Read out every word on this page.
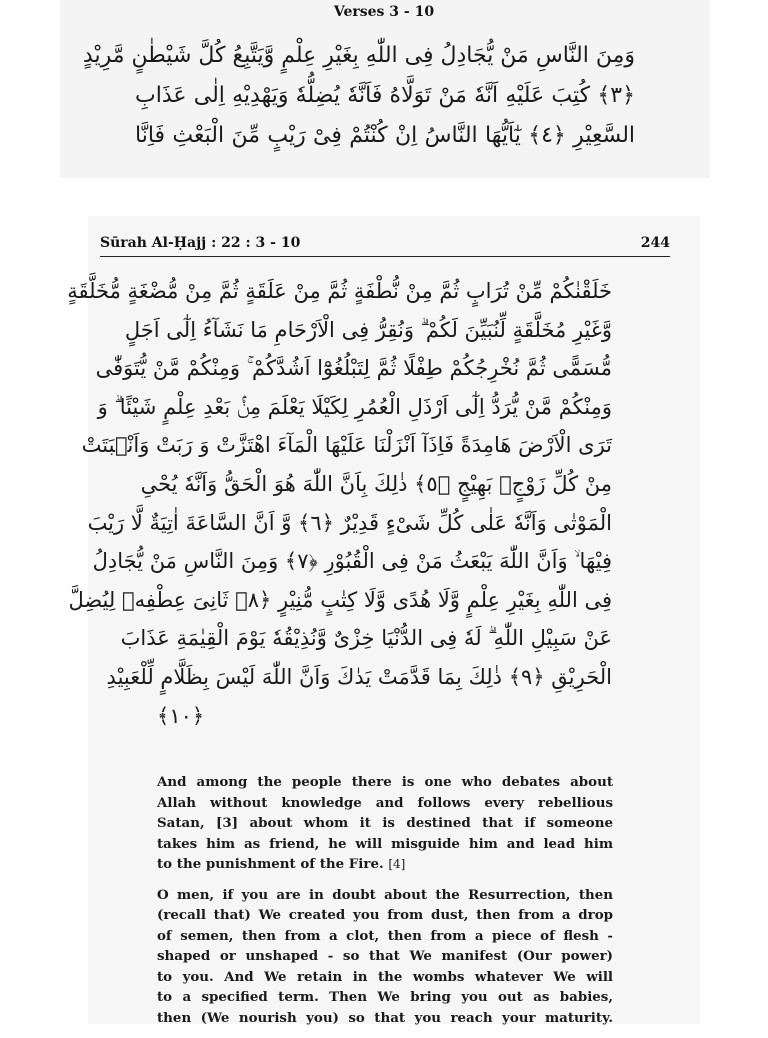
Verses 3 - 10
وَمِنَ النَّاسِ مَنْ يُّجَادِلُ فِى اللّٰهِ بِغَيْرِ عِلْمٍ وَّيَتَّبِعُ كُلَّ شَيْطٰنٍ مَّرِيْدٍ
﴿٣﴾ كُتِبَ عَلَيْهِ اَنَّهٗ مَنْ تَوَلَّاهُ فَاَنَّهٗ يُضِلُّهٗ وَيَهْدِيْهِ اِلٰى عَذَابِ
السَّعِيْرِ ﴿٤﴾ يٰٓاَيُّهَا النَّاسُ اِنْ كُنْتُمْ فِىْ رَيْبٍ مِّنَ الْبَعْثِ فَاِنَّا
Sūrah Al-Ḥajj : 22 : 3 - 10	244
خَلَقْنٰكُمْ مِّنْ تُرَابٍ ثُمَّ مِنْ نُّطْفَةٍ ثُمَّ مِنْ عَلَقَةٍ ثُمَّ مِنْ مُّضْغَةٍ مُّخَلَّقَةٍ
وَّغَيْرِ مُخَلَّقَةٍ لِّنُبَيِّنَ لَكُمْ ۗ وَنُقِرُّ فِى الْاَرْحَامِ مَا نَشَآءُ اِلٰٓى اَجَلٍ
مُّسَمًّى ثُمَّ نُخْرِجُكُمْ طِفْلًا ثُمَّ لِتَبْلُغُوْٓا اَشُدَّكُمْ ۚ وَمِنْكُمْ مَّنْ يُّتَوَفّٰى
وَمِنْكُمْ مَّنْ يُّرَدُّ اِلٰٓى اَرْذَلِ الْعُمُرِ لِكَيْلَا يَعْلَمَ مِنْۢ بَعْدِ عِلْمٍ شَيْئًا ۗ وَ
تَرَى الْاَرْضَ هَامِدَةً فَاِذَآ اَنْزَلْنَا عَلَيْهَا الْمَآءَ اهْتَزَّتْ وَ رَبَتْ وَاَنْۢبَتَتْ
مِنْ كُلِّ زَوْجٍۢ بَهِيْجٍ ﴿٥﴾ ذٰلِكَ بِاَنَّ اللّٰهَ هُوَ الْحَقُّ وَاَنَّهٗ يُحْىِ
الْمَوْتٰى وَاَنَّهٗ عَلٰى كُلِّ شَىْءٍ قَدِيْرٌ ﴿٦﴾ وَّ اَنَّ السَّاعَةَ اٰتِيَةٌ لَّا رَيْبَ
فِيْهَا ۙ وَاَنَّ اللّٰهَ يَبْعَثُ مَنْ فِى الْقُبُوْرِ ﴿٧﴾ وَمِنَ النَّاسِ مَنْ يُّجَادِلُ
فِى اللّٰهِ بِغَيْرِ عِلْمٍ وَّلَا هُدًى وَّلَا كِتٰبٍ مُّنِيْرٍ ﴿٨﴾ ثَانِىَ عِطْفِهٖ لِيُضِلَّ
عَنْ سَبِيْلِ اللّٰهِ ۗ لَهٗ فِى الدُّنْيَا خِزْىٌ وَّنُذِيْقُهٗ يَوْمَ الْقِيٰمَةِ عَذَابَ
الْحَرِيْقِ ﴿٩﴾ ذٰلِكَ بِمَا قَدَّمَتْ يَدٰكَ وَاَنَّ اللّٰهَ لَيْسَ بِظَلَّامٍ لِّلْعَبِيْدِ
﴿١٠﴾

And among the people there is one who debates about
Allah without knowledge and follows every rebellious
Satan, [3] about whom it is destined that if someone
takes him as friend, he will misguide him and lead him
to the punishment of the Fire. [4]

O men, if you are in doubt about the Resurrection, then
(recall that) We created you from dust, then from a drop
of semen, then from a clot, then from a piece of flesh -
shaped or unshaped - so that We manifest (Our power)
to you. And We retain in the wombs whatever We will
to a specified term. Then We bring you out as babies,
then (We nourish you) so that you reach your maturity.
